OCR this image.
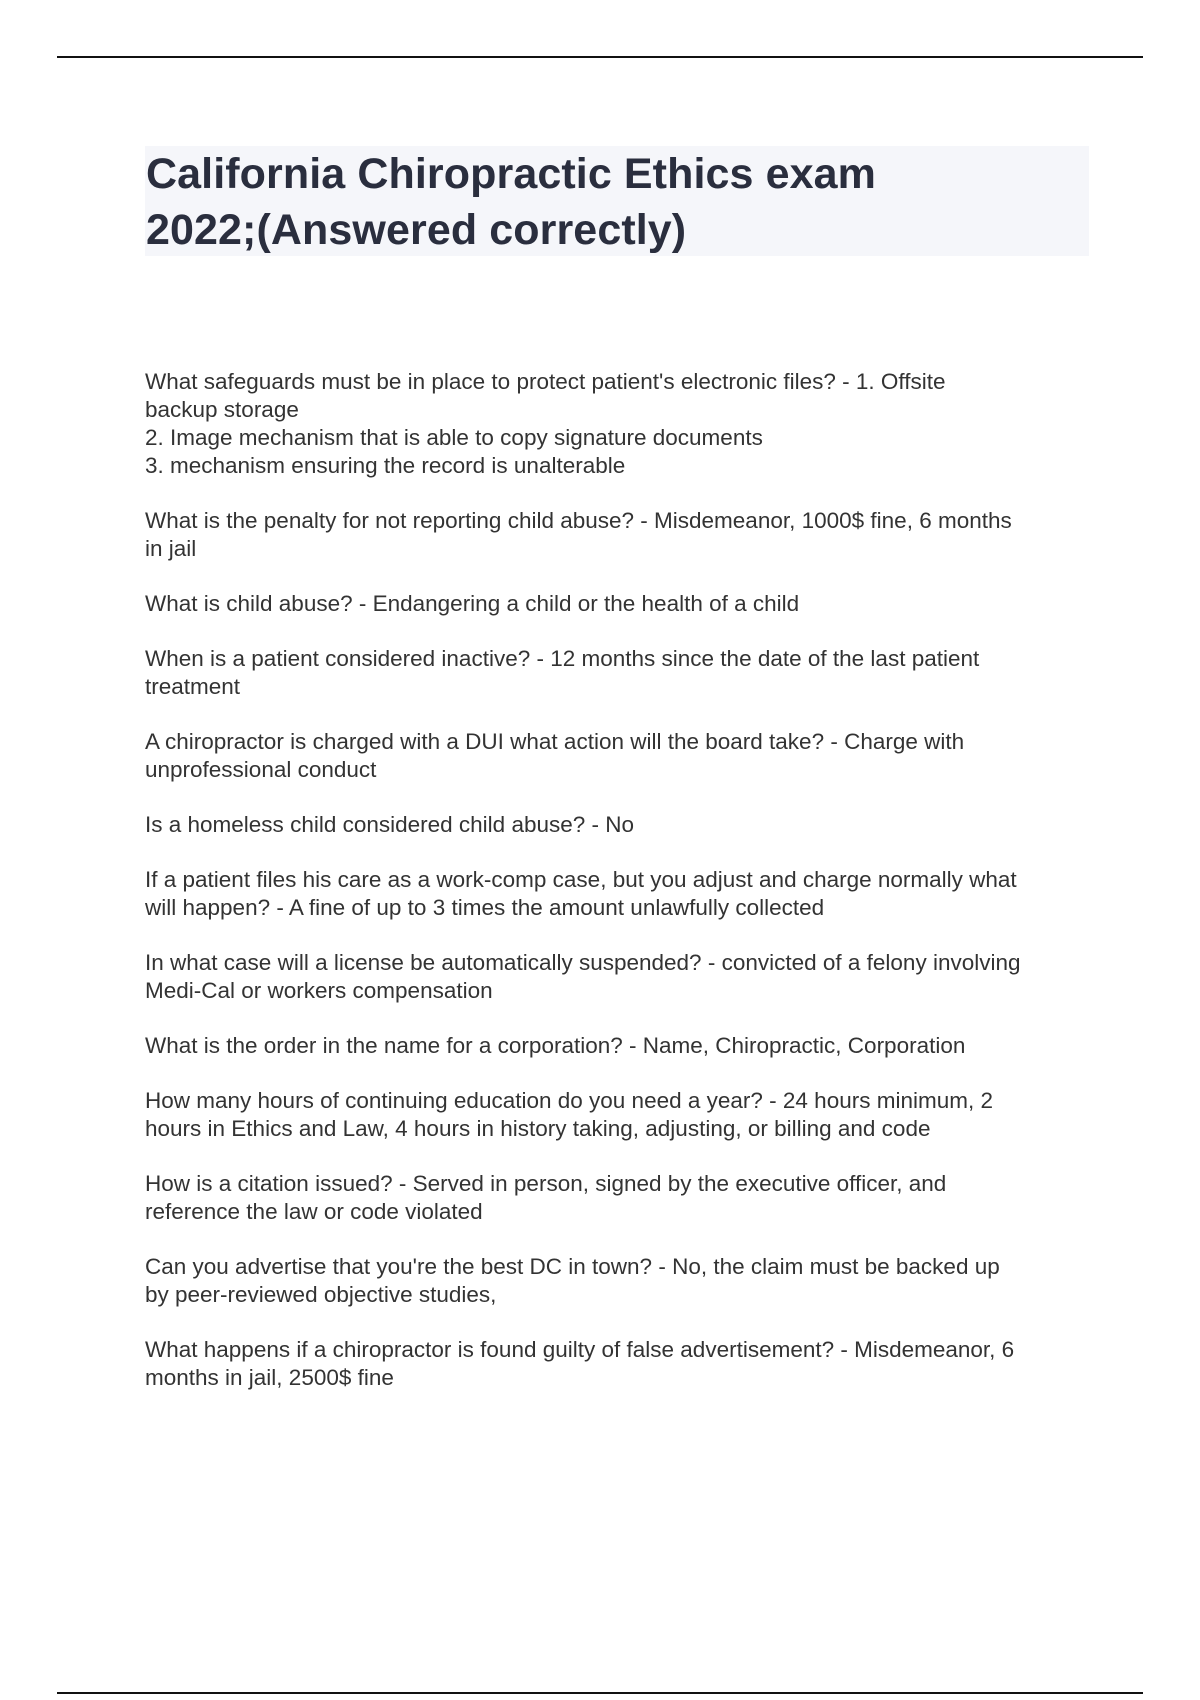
California Chiropractic Ethics exam
2022;(Answered correctly)
What safeguards must be in place to protect patient's electronic files? - 1. Offsite
backup storage
2. Image mechanism that is able to copy signature documents
3. mechanism ensuring the record is unalterable
What is the penalty for not reporting child abuse? - Misdemeanor, 1000$ fine, 6 months
in jail
What is child abuse? - Endangering a child or the health of a child
When is a patient considered inactive? - 12 months since the date of the last patient
treatment
A chiropractor is charged with a DUI what action will the board take? - Charge with
unprofessional conduct
Is a homeless child considered child abuse? - No
If a patient files his care as a work-comp case, but you adjust and charge normally what
will happen? - A fine of up to 3 times the amount unlawfully collected
In what case will a license be automatically suspended? - convicted of a felony involving
Medi-Cal or workers compensation
What is the order in the name for a corporation? - Name, Chiropractic, Corporation
How many hours of continuing education do you need a year? - 24 hours minimum, 2
hours in Ethics and Law, 4 hours in history taking, adjusting, or billing and code
How is a citation issued? - Served in person, signed by the executive officer, and
reference the law or code violated
Can you advertise that you're the best DC in town? - No, the claim must be backed up
by peer-reviewed objective studies,
What happens if a chiropractor is found guilty of false advertisement? - Misdemeanor, 6
months in jail, 2500$ fine
